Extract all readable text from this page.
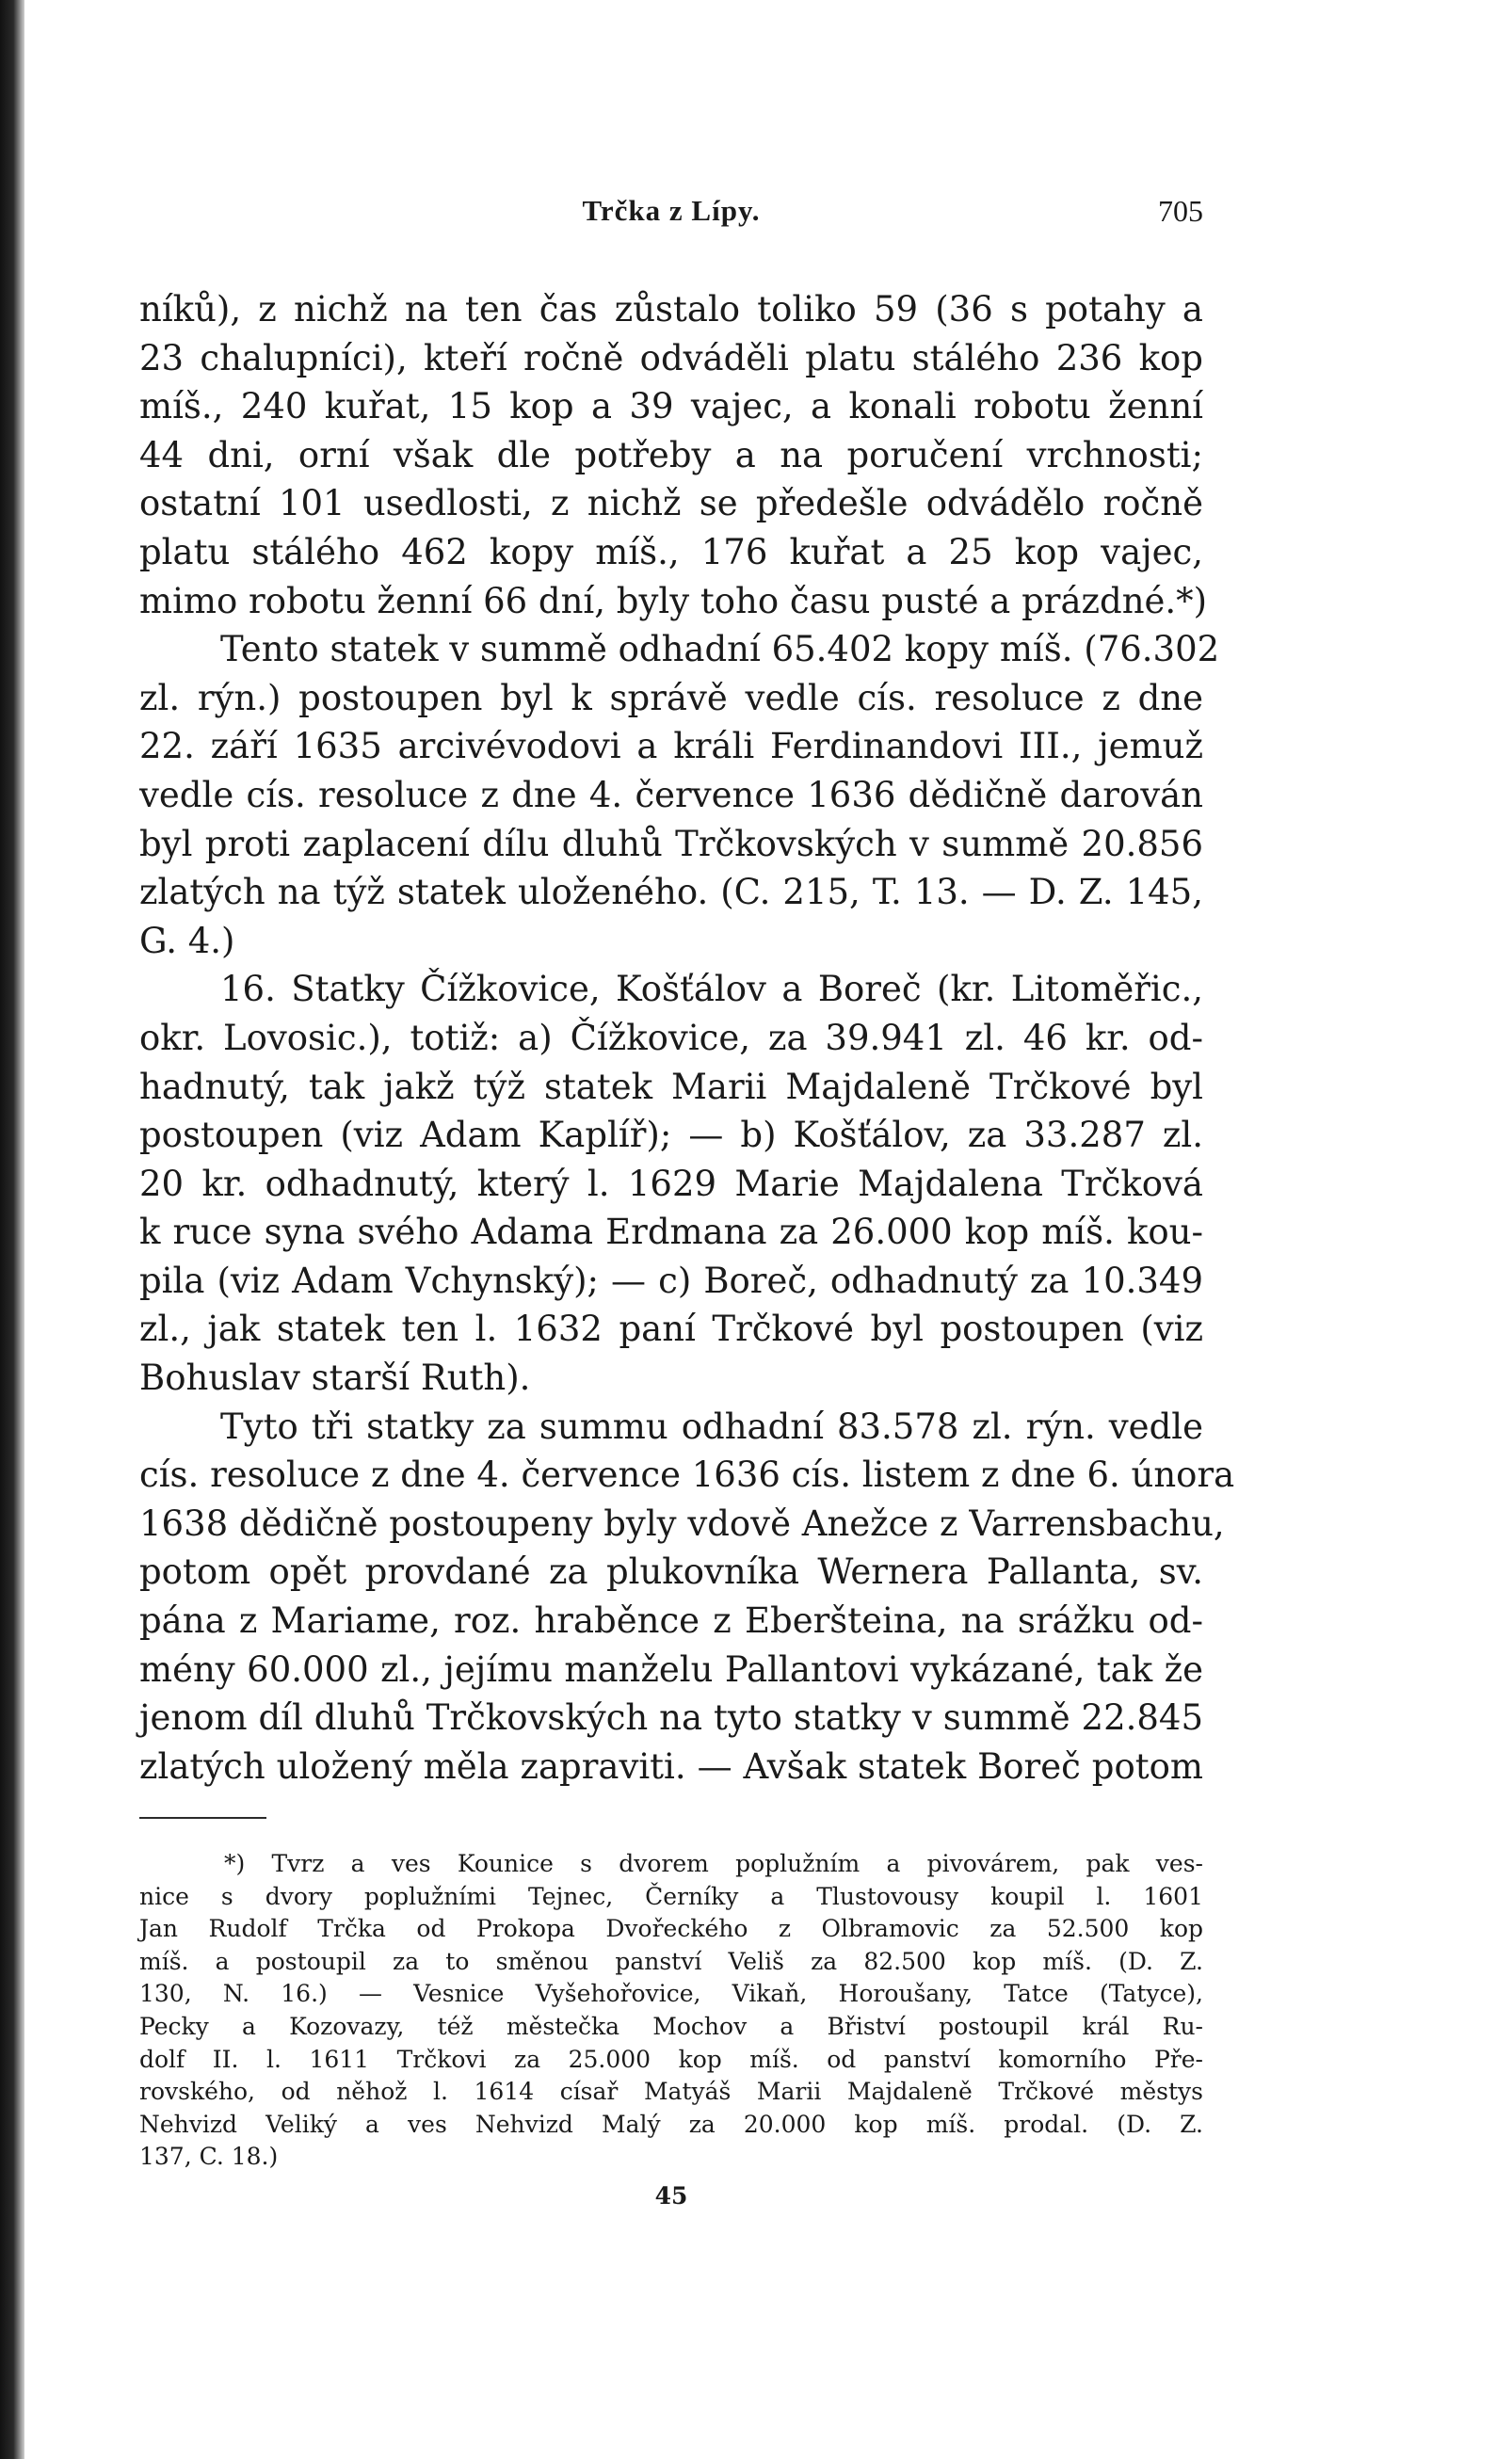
Trčka z Lípy.	705
níků), z nichž na ten čas zůstalo toliko 59 (36 s potahy a
23 chalupníci), kteří ročně odváděli platu stálého 236 kop
míš., 240 kuřat, 15 kop a 39 vajec, a konali robotu ženní
44 dni, orní však dle potřeby a na poručení vrchnosti;
ostatní 101 usedlosti, z nichž se předešle odvádělo ročně
platu stálého 462 kopy míš., 176 kuřat a 25 kop vajec,
mimo robotu ženní 66 dní, byly toho času pusté a prázdné.*)
Tento statek v summě odhadní 65.402 kopy míš. (76.302
zl. rýn.) postoupen byl k správě vedle cís. resoluce z dne
22. září 1635 arcivévodovi a králi Ferdinandovi III., jemuž
vedle cís. resoluce z dne 4. července 1636 dědičně darován
byl proti zaplacení dílu dluhů Trčkovských v summě 20.856
zlatých na týž statek uloženého. (C. 215, T. 13. — D. Z. 145,
G. 4.)
16. Statky Čížkovice, Košťálov a Boreč (kr. Litoměřic.,
okr. Lovosic.), totiž: a) Čížkovice, za 39.941 zl. 46 kr. od-
hadnutý, tak jakž týž statek Marii Majdaleně Trčkové byl
postoupen (viz Adam Kaplíř); — b) Košťálov, za 33.287 zl.
20 kr. odhadnutý, který l. 1629 Marie Majdalena Trčková
k ruce syna svého Adama Erdmana za 26.000 kop míš. kou-
pila (viz Adam Vchynský); — c) Boreč, odhadnutý za 10.349
zl., jak statek ten l. 1632 paní Trčkové byl postoupen (viz
Bohuslav starší Ruth).
Tyto tři statky za summu odhadní 83.578 zl. rýn. vedle
cís. resoluce z dne 4. července 1636 cís. listem z dne 6. února
1638 dědičně postoupeny byly vdově Anežce z Varrensbachu,
potom opět provdané za plukovníka Wernera Pallanta, sv.
pána z Mariame, roz. hraběnce z Eberšteina, na srážku od-
mény 60.000 zl., jejímu manželu Pallantovi vykázané, tak že
jenom díl dluhů Trčkovských na tyto statky v summě 22.845
zlatých uložený měla zapraviti. — Avšak statek Boreč potom
*) Tvrz a ves Kounice s dvorem poplužním a pivovárem, pak ves-
nice s dvory poplužními Tejnec, Černíky a Tlustovousy koupil l. 1601
Jan Rudolf Trčka od Prokopa Dvořeckého z Olbramovic za 52.500 kop
míš. a postoupil za to směnou panství Veliš za 82.500 kop míš. (D. Z.
130, N. 16.) — Vesnice Vyšehořovice, Vikaň, Horoušany, Tatce (Tatyce),
Pecky a Kozovazy, též městečka Mochov a Břiství postoupil král Ru-
dolf II. l. 1611 Trčkovi za 25.000 kop míš. od panství komorního Pře-
rovského, od něhož l. 1614 císař Matyáš Marii Majdaleně Trčkové městys
Nehvizd Veliký a ves Nehvizd Malý za 20.000 kop míš. prodal. (D. Z.
137, C. 18.)
45
